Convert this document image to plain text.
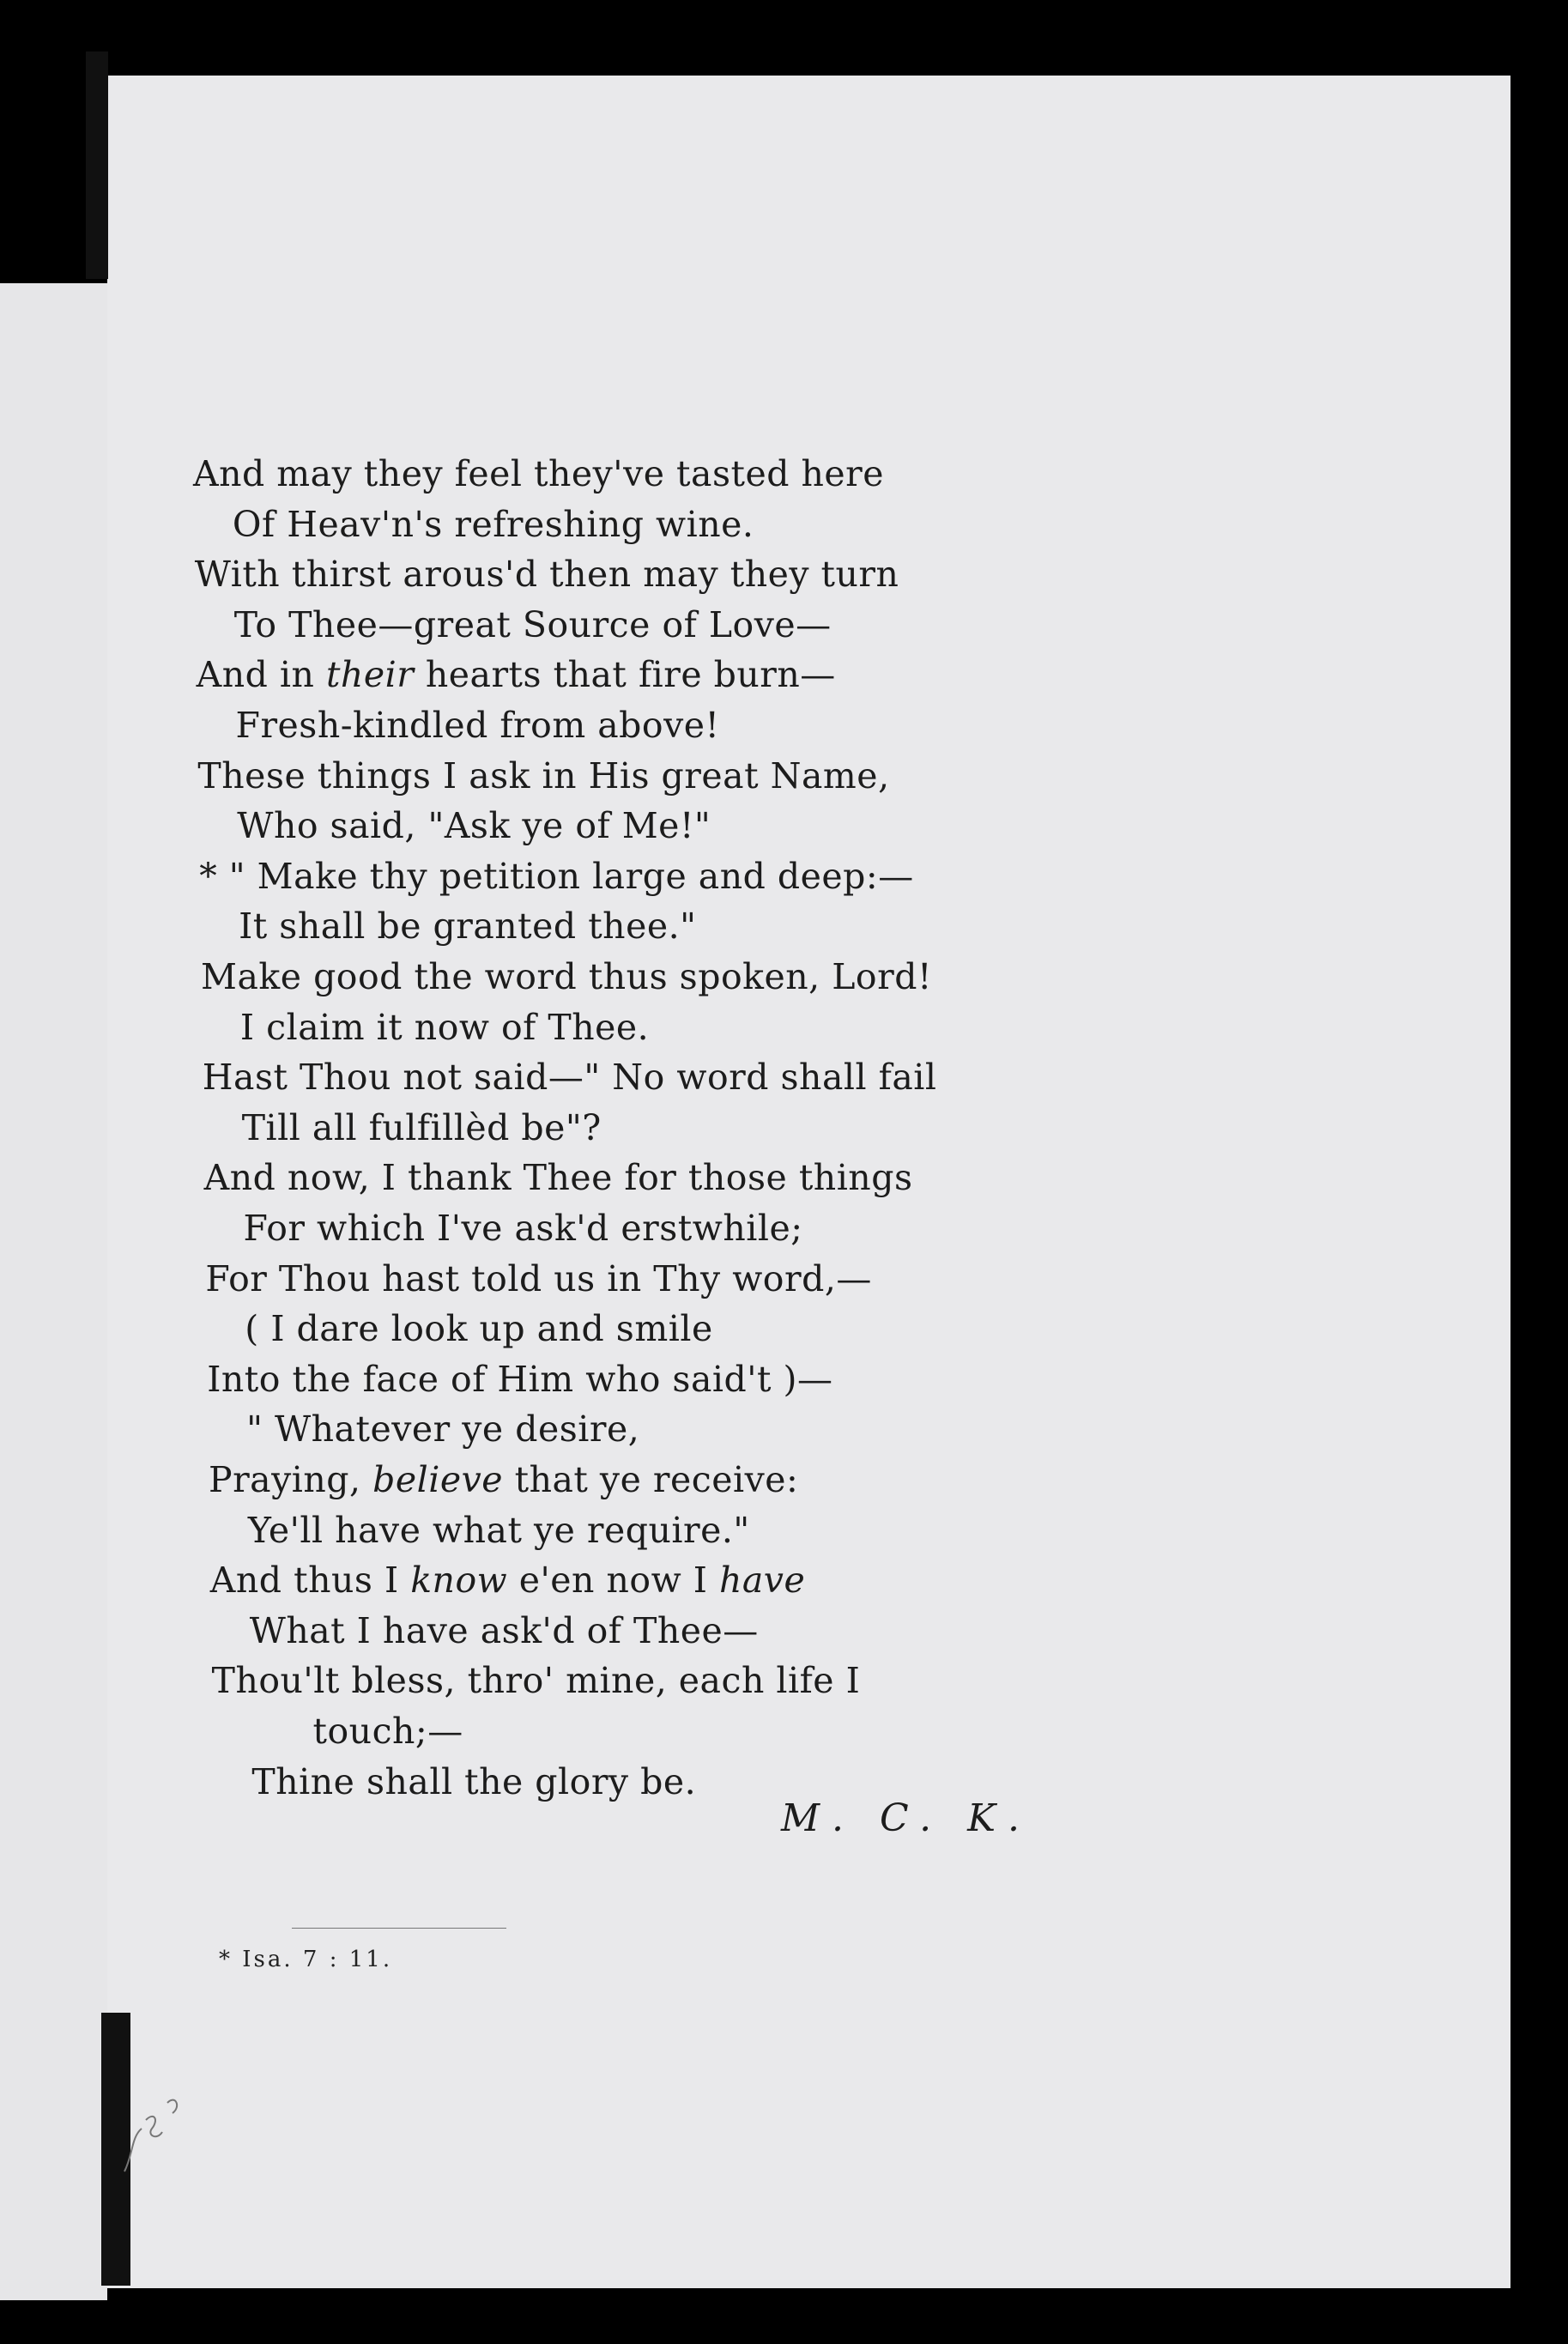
And may they feel they've tasted here
Of Heav'n's refreshing wine.
With thirst arous'd then may they turn
To Thee—great Source of Love—
And in their hearts that fire burn—
Fresh-kindled from above!
These things I ask in His great Name,
Who said, "Ask ye of Me!"
* " Make thy petition large and deep:—
It shall be granted thee."
Make good the word thus spoken, Lord!
I claim it now of Thee.
Hast Thou not said—" No word shall fail
Till all fulfillèd be"?
And now, I thank Thee for those things
For which I've ask'd erstwhile;
For Thou hast told us in Thy word,—
( I dare look up and smile
Into the face of Him who said't )—
" Whatever ye desire,
Praying, believe that ye receive:
Ye'll have what ye require."
And thus I know e'en now I have
What I have ask'd of Thee—
Thou'lt bless, thro' mine, each life I
touch;—
Thine shall the glory be.
M. C. K.
* Isa. 7 : 11.
